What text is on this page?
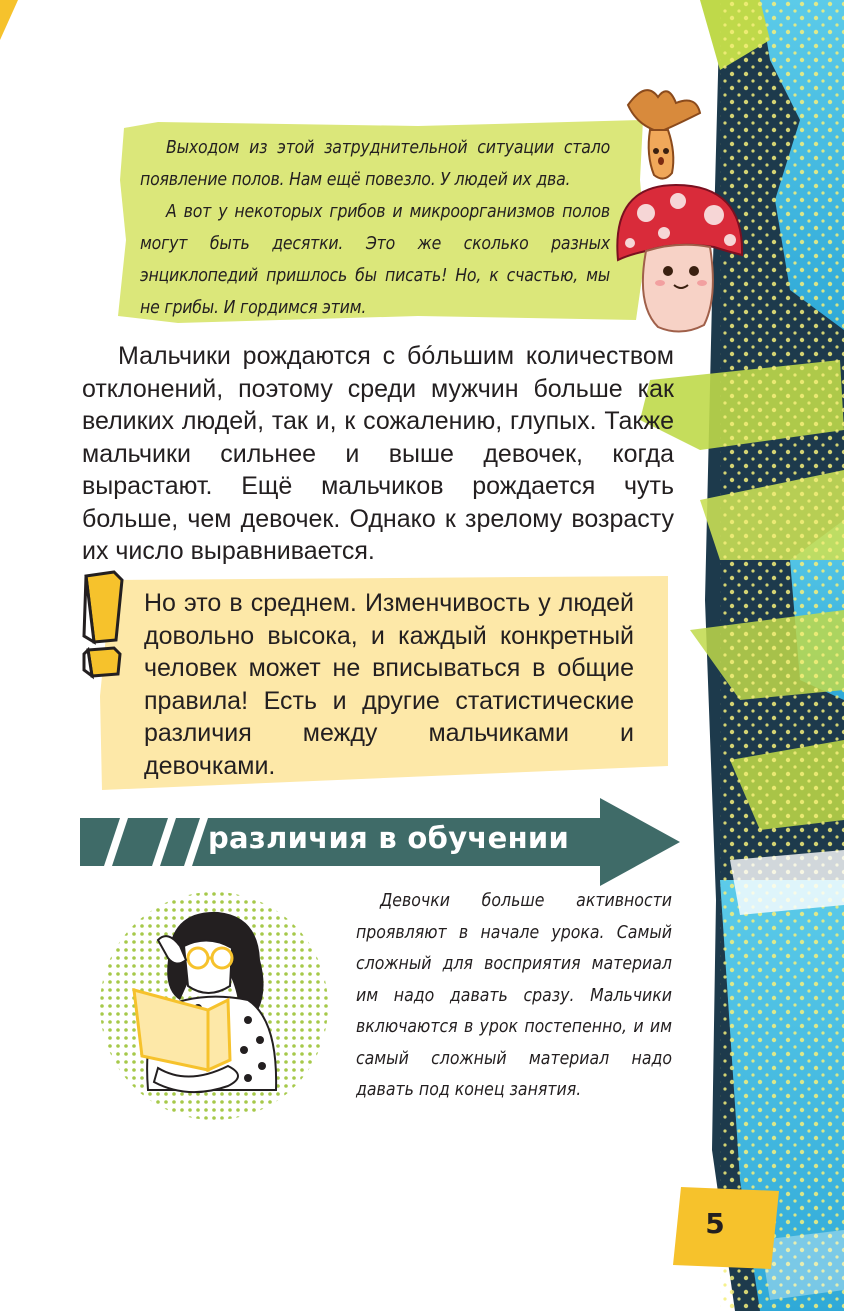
Выходом из этой затруднительной ситуации стало появление полов. Нам ещё повезло. У людей их два.

А вот у некоторых грибов и микроорганизмов полов могут быть десятки. Это же сколько разных энциклопедий пришлось бы писать! Но, к счастью, мы не грибы. И гордимся этим.

Мальчики рождаются с бóльшим количеством отклонений, поэтому среди мужчин больше как великих людей, так и, к сожалению, глупых. Также мальчики сильнее и выше девочек, когда вырастают. Ещё мальчиков рождается чуть больше, чем девочек. Однако к зрелому возрасту их число выравнивается.

Но это в среднем. Изменчивость у людей довольно высока, и каждый конкретный человек может не вписываться в общие правила! Есть и другие статистические различия между мальчиками и девочками.
различия в обучении

Девочки больше активности проявляют в начале урока. Самый сложный для восприятия материал им надо давать сразу. Мальчики включаются в урок постепенно, и им самый сложный материал надо давать под конец занятия.

5
